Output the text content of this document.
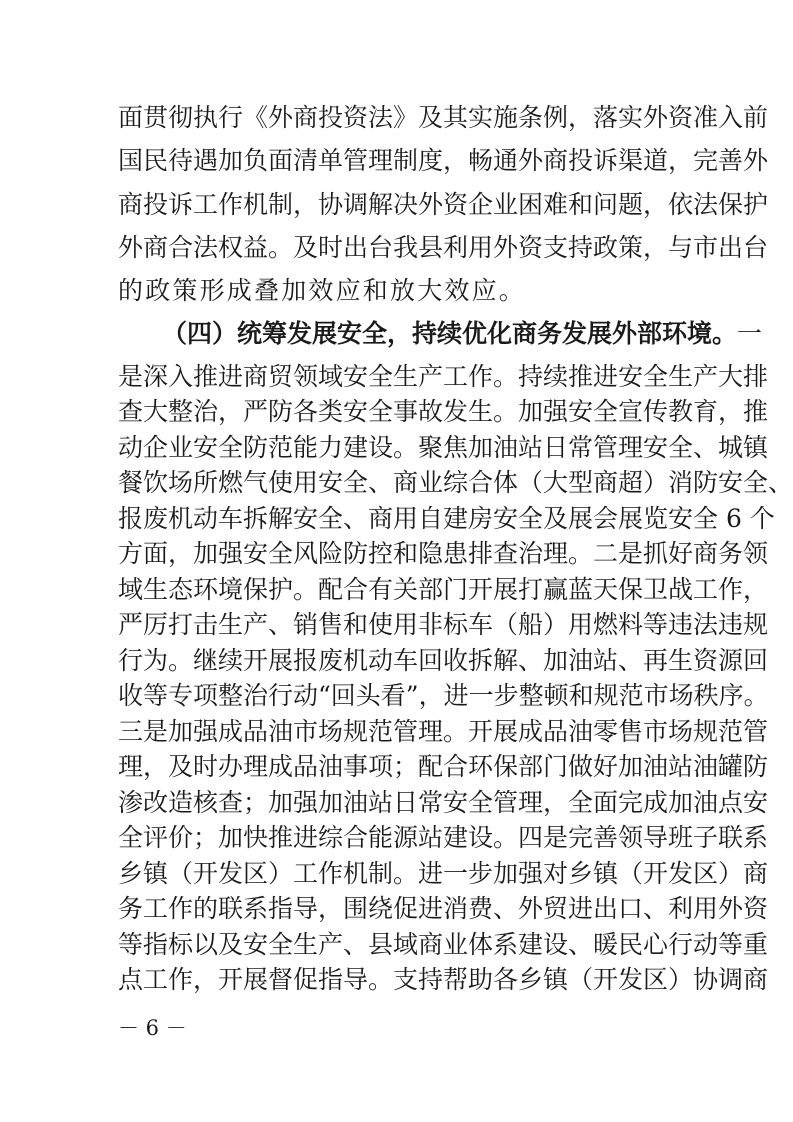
面贯彻执行《外商投资法》及其实施条例，落实外资准入前
国民待遇加负面清单管理制度，畅通外商投诉渠道，完善外
商投诉工作机制，协调解决外资企业困难和问题，依法保护
外商合法权益。及时出台我县利用外资支持政策，与市出台
的政策形成叠加效应和放大效应。
（四）统筹发展安全，持续优化商务发展外部环境。一
是深入推进商贸领域安全生产工作。持续推进安全生产大排
查大整治，严防各类安全事故发生。加强安全宣传教育，推
动企业安全防范能力建设。聚焦加油站日常管理安全、城镇
餐饮场所燃气使用安全、商业综合体（大型商超）消防安全、
报废机动车拆解安全、商用自建房安全及展会展览安全 6 个
方面，加强安全风险防控和隐患排查治理。二是抓好商务领
域生态环境保护。配合有关部门开展打赢蓝天保卫战工作，
严厉打击生产、销售和使用非标车（船）用燃料等违法违规
行为。继续开展报废机动车回收拆解、加油站、再生资源回
收等专项整治行动“回头看”，进一步整顿和规范市场秩序。
三是加强成品油市场规范管理。开展成品油零售市场规范管
理，及时办理成品油事项；配合环保部门做好加油站油罐防
渗改造核查；加强加油站日常安全管理，全面完成加油点安
全评价；加快推进综合能源站建设。四是完善领导班子联系
乡镇（开发区）工作机制。进一步加强对乡镇（开发区）商
务工作的联系指导，围绕促进消费、外贸进出口、利用外资
等指标以及安全生产、县域商业体系建设、暖民心行动等重
点工作，开展督促指导。支持帮助各乡镇（开发区）协调商
－ 6 －
